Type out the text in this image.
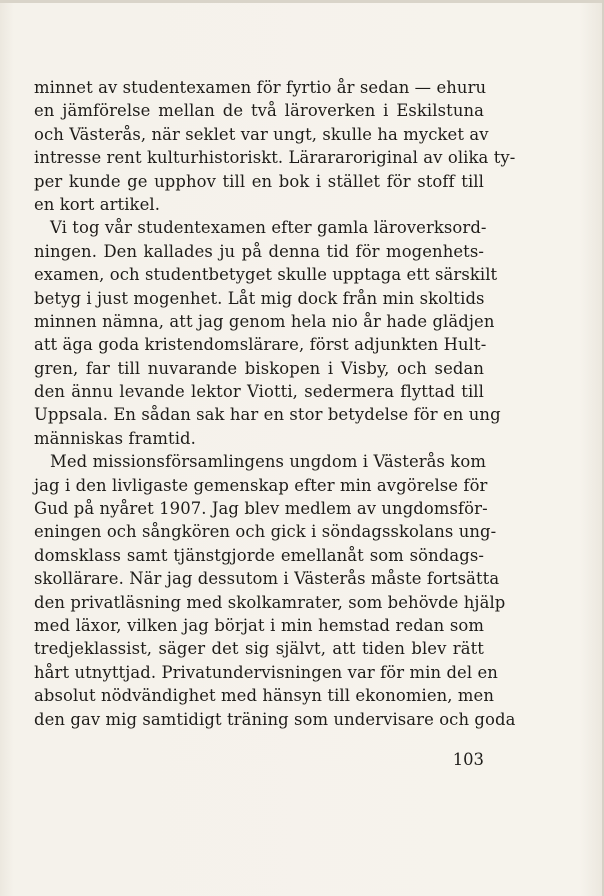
minnet av studentexamen för fyrtio år sedan — ehuru
en jämförelse mellan de två läroverken i Eskilstuna
och Västerås, när seklet var ungt, skulle ha mycket av
intresse rent kulturhistoriskt. Lärararoriginal av olika ty-
per kunde ge upphov till en bok i stället för stoff till
en kort artikel.

Vi tog vår studentexamen efter gamla läroverksord-
ningen. Den kallades ju på denna tid för mogenhets-
examen, och studentbetyget skulle upptaga ett särskilt
betyg i just mogenhet. Låt mig dock från min skoltids
minnen nämna, att jag genom hela nio år hade glädjen
att äga goda kristendomslärare, först adjunkten Hult-
gren, far till nuvarande biskopen i Visby, och sedan
den ännu levande lektor Viotti, sedermera flyttad till
Uppsala. En sådan sak har en stor betydelse för en ung
människas framtid.

Med missionsförsamlingens ungdom i Västerås kom
jag i den livligaste gemenskap efter min avgörelse för
Gud på nyåret 1907. Jag blev medlem av ungdomsför-
eningen och sångkören och gick i söndagsskolans ung-
domsklass samt tjänstgjorde emellanåt som söndags-
skollärare. När jag dessutom i Västerås måste fortsätta
den privatläsning med skolkamrater, som behövde hjälp
med läxor, vilken jag börjat i min hemstad redan som
tredjeklassist, säger det sig självt, att tiden blev rätt
hårt utnyttjad. Privatundervisningen var för min del en
absolut nödvändighet med hänsyn till ekonomien, men
den gav mig samtidigt träning som undervisare och goda

103
